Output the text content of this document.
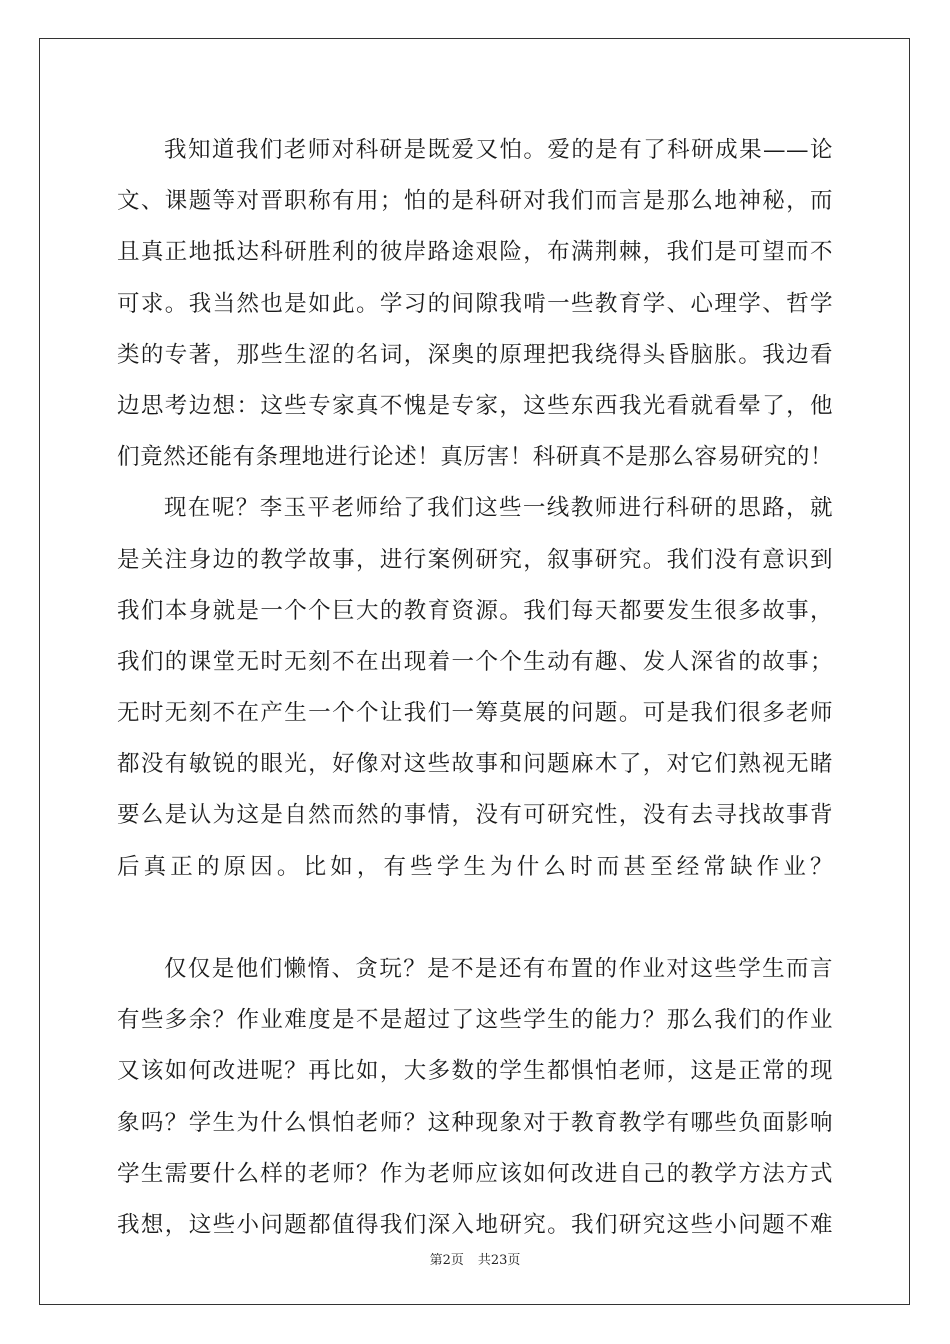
我知道我们老师对科研是既爱又怕。爱的是有了科研成果——论
文、课题等对晋职称有用；怕的是科研对我们而言是那么地神秘，而
且真正地抵达科研胜利的彼岸路途艰险，布满荆棘，我们是可望而不
可求。我当然也是如此。学习的间隙我啃一些教育学、心理学、哲学
类的专著，那些生涩的名词，深奥的原理把我绕得头昏脑胀。我边看
边思考边想：这些专家真不愧是专家，这些东西我光看就看晕了，他
们竟然还能有条理地进行论述！真厉害！科研真不是那么容易研究的！
现在呢？李玉平老师给了我们这些一线教师进行科研的思路，就
是关注身边的教学故事，进行案例研究，叙事研究。我们没有意识到
我们本身就是一个个巨大的教育资源。我们每天都要发生很多故事，
我们的课堂无时无刻不在出现着一个个生动有趣、发人深省的故事；
无时无刻不在产生一个个让我们一筹莫展的问题。可是我们很多老师
都没有敏锐的眼光，好像对这些故事和问题麻木了，对它们熟视无睹
要么是认为这是自然而然的事情，没有可研究性，没有去寻找故事背
后真正的原因。比如，有些学生为什么时而甚至经常缺作业？
仅仅是他们懒惰、贪玩？是不是还有布置的作业对这些学生而言
有些多余？作业难度是不是超过了这些学生的能力？那么我们的作业
又该如何改进呢？再比如，大多数的学生都惧怕老师，这是正常的现
象吗？学生为什么惧怕老师？这种现象对于教育教学有哪些负面影响
学生需要什么样的老师？作为老师应该如何改进自己的教学方法方式
我想，这些小问题都值得我们深入地研究。我们研究这些小问题不难
第2页 共23页
